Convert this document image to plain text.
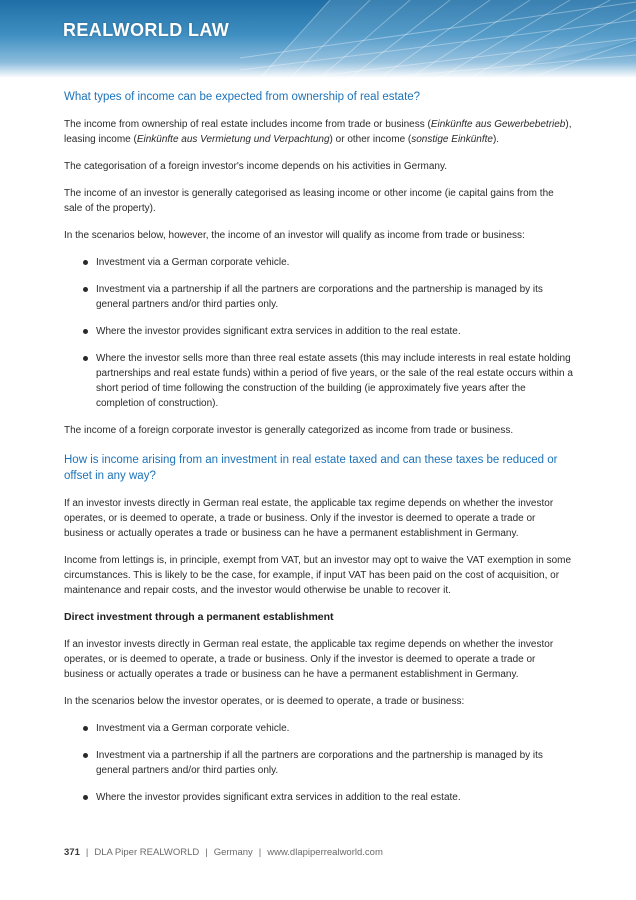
REALWORLD LAW

What types of income can be expected from ownership of real estate?

The income from ownership of real estate includes income from trade or business (Einkünfte aus Gewerbebetrieb), leasing income (Einkünfte aus Vermietung und Verpachtung) or other income (sonstige Einkünfte).

The categorisation of a foreign investor's income depends on his activities in Germany.

The income of an investor is generally categorised as leasing income or other income (ie capital gains from the sale of the property).

In the scenarios below, however, the income of an investor will qualify as income from trade or business:

Investment via a German corporate vehicle.
Investment via a partnership if all the partners are corporations and the partnership is managed by its general partners and/or third parties only.
Where the investor provides significant extra services in addition to the real estate.
Where the investor sells more than three real estate assets (this may include interests in real estate holding partnerships and real estate funds) within a period of five years, or the sale of the real estate occurs within a short period of time following the construction of the building (ie approximately five years after the completion of construction).

The income of a foreign corporate investor is generally categorized as income from trade or business.

How is income arising from an investment in real estate taxed and can these taxes be reduced or offset in any way?

If an investor invests directly in German real estate, the applicable tax regime depends on whether the investor operates, or is deemed to operate, a trade or business. Only if the investor is deemed to operate a trade or business or actually operates a trade or business can he have a permanent establishment in Germany.

Income from lettings is, in principle, exempt from VAT, but an investor may opt to waive the VAT exemption in some circumstances. This is likely to be the case, for example, if input VAT has been paid on the cost of acquisition, or maintenance and repair costs, and the investor would otherwise be unable to recover it.

Direct investment through a permanent establishment

If an investor invests directly in German real estate, the applicable tax regime depends on whether the investor operates, or is deemed to operate, a trade or business. Only if the investor is deemed to operate a trade or business or actually operates a trade or business can he have a permanent establishment in Germany.

In the scenarios below the investor operates, or is deemed to operate, a trade or business:

Investment via a German corporate vehicle.
Investment via a partnership if all the partners are corporations and the partnership is managed by its general partners and/or third parties only.
Where the investor provides significant extra services in addition to the real estate.
371 | DLA Piper REALWORLD | Germany | www.dlapiperrealworld.com
